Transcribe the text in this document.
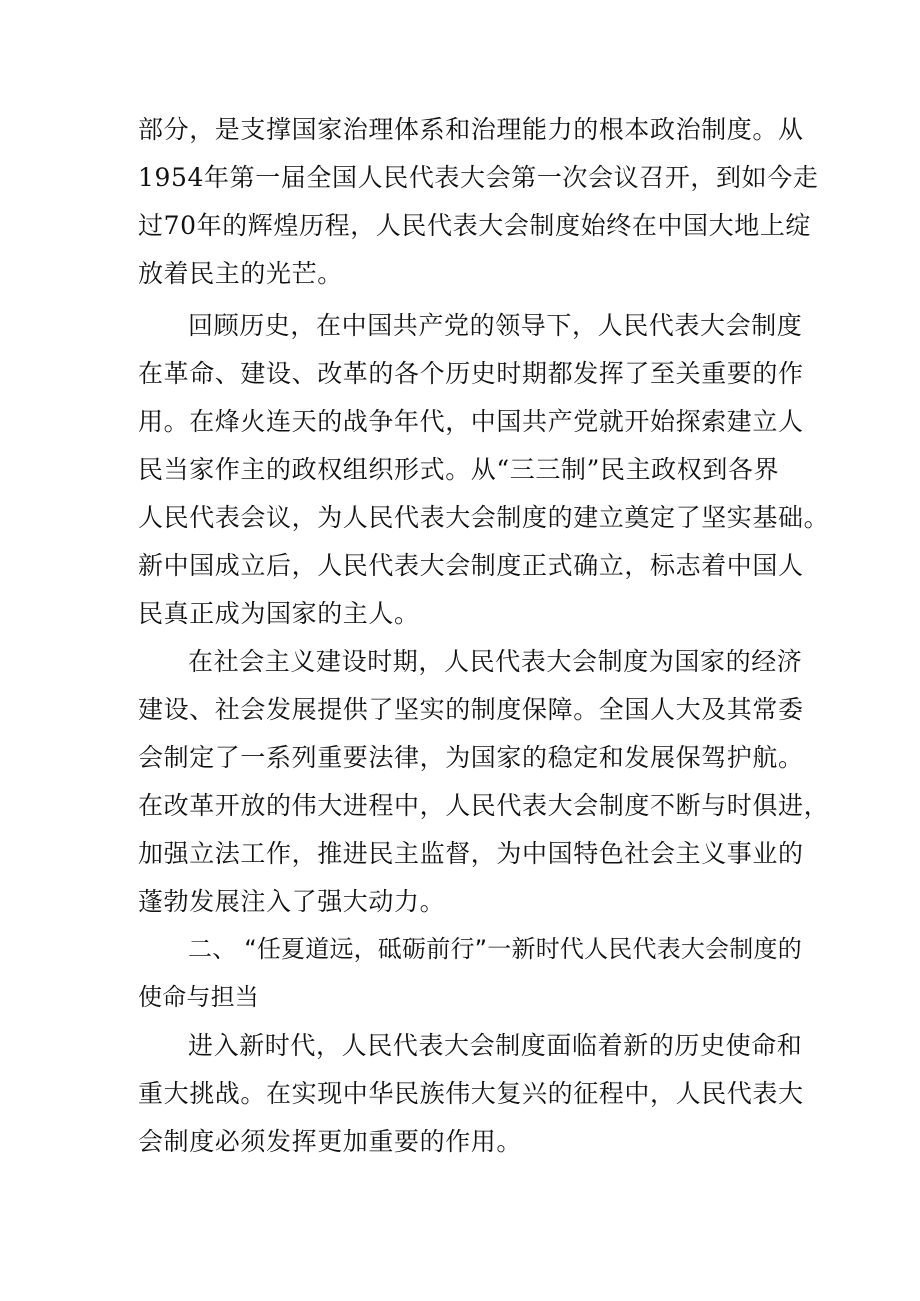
部分，是支撑国家治理体系和治理能力的根本政治制度。从
1954年第一届全国人民代表大会第一次会议召开，到如今走
过70年的辉煌历程，人民代表大会制度始终在中国大地上绽
放着民主的光芒。
回顾历史，在中国共产党的领导下，人民代表大会制度
在革命、建设、改革的各个历史时期都发挥了至关重要的作
用。在烽火连天的战争年代，中国共产党就开始探索建立人
民当家作主的政权组织形式。从“三三制”民主政权到各界
人民代表会议，为人民代表大会制度的建立奠定了坚实基础。
新中国成立后，人民代表大会制度正式确立，标志着中国人
民真正成为国家的主人。
在社会主义建设时期，人民代表大会制度为国家的经济
建设、社会发展提供了坚实的制度保障。全国人大及其常委
会制定了一系列重要法律，为国家的稳定和发展保驾护航。
在改革开放的伟大进程中，人民代表大会制度不断与时俱进，
加强立法工作，推进民主监督，为中国特色社会主义事业的
蓬勃发展注入了强大动力。
二、 “任夏道远，砥砺前行”一新时代人民代表大会制度的
使命与担当
进入新时代，人民代表大会制度面临着新的历史使命和
重大挑战。在实现中华民族伟大复兴的征程中，人民代表大
会制度必须发挥更加重要的作用。
